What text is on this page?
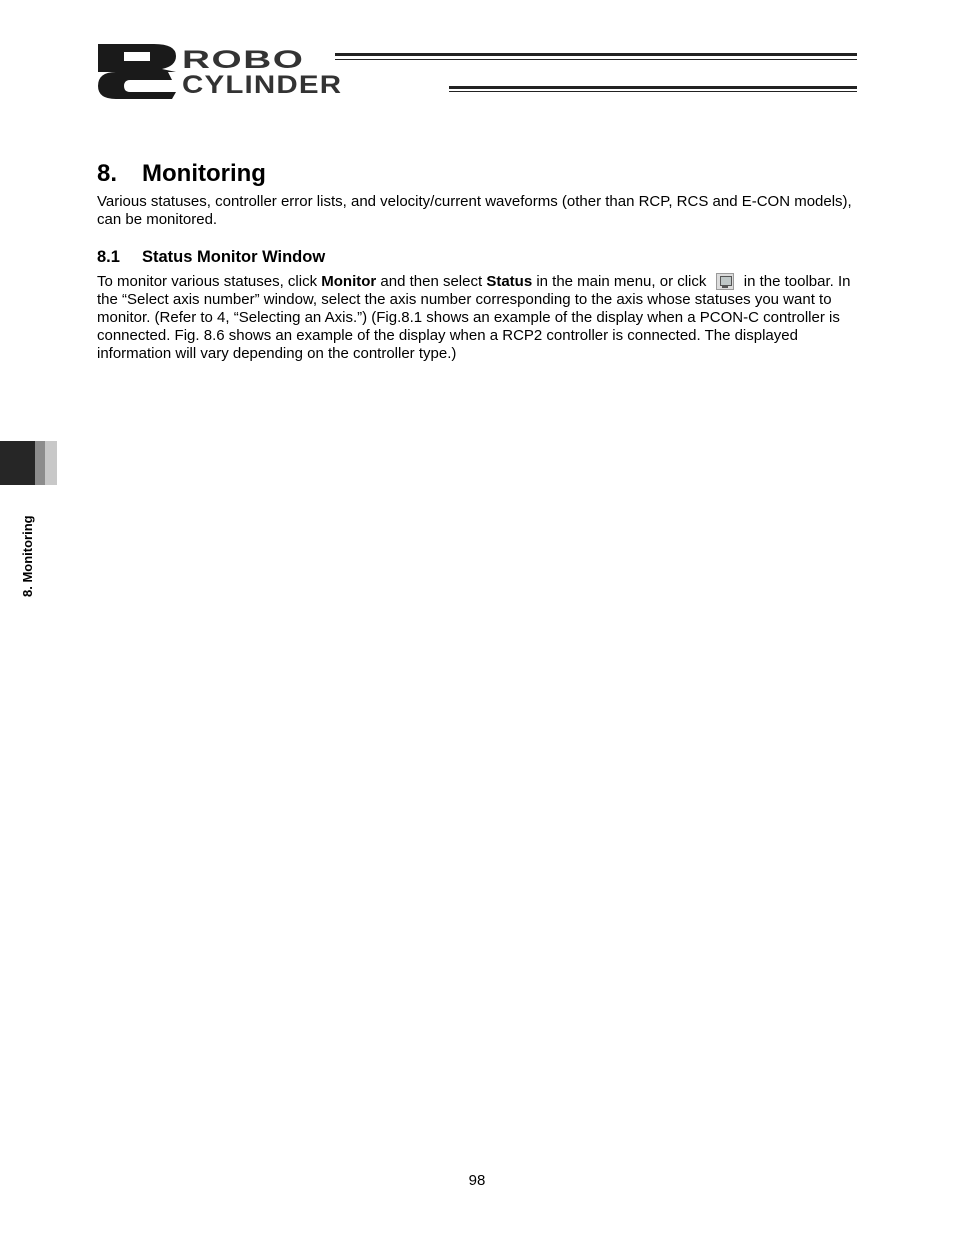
ROBO
CYLINDER
8. Monitoring

Various statuses, controller error lists, and velocity/current waveforms (other than RCP, RCS and E-CON models), can be monitored.

8.1 Status Monitor Window

To monitor various statuses, click Monitor and then select Status in the main menu, or click
in the toolbar. In the “Select axis number” window, select the axis number corresponding to the axis whose statuses you want to monitor. (Refer to 4, “Selecting an Axis.”) (Fig.8.1 shows an example of the display when a PCON-C controller is connected. Fig. 8.6 shows an example of the display when a RCP2 controller is connected. The displayed information will vary depending on the controller type.)

8. Monitoring
98
